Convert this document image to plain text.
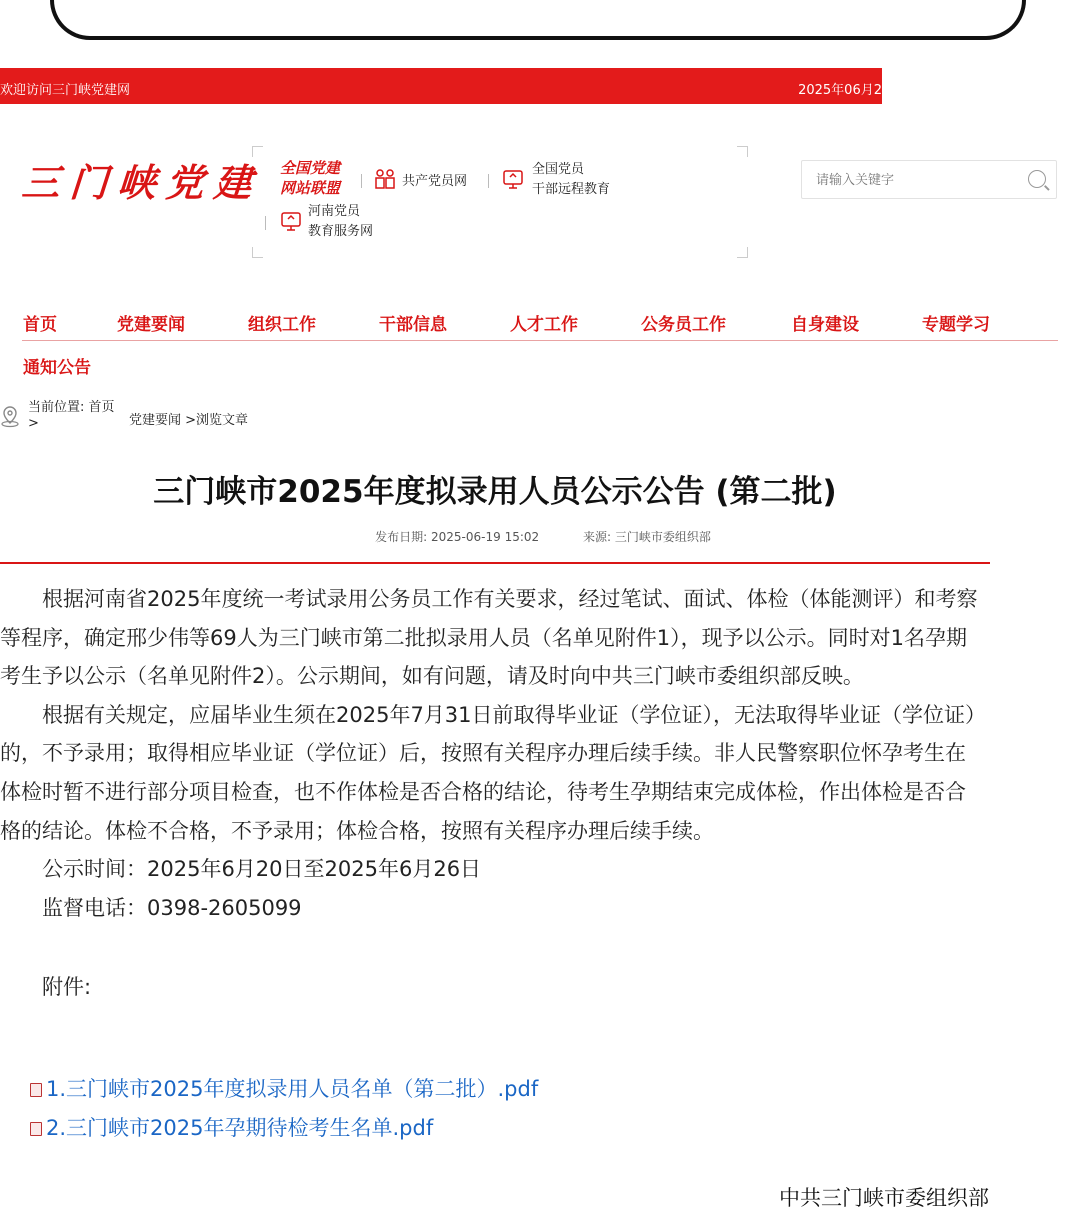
欢迎访问三门峡党建网	2025年06月2
三门峡党建 全国党建网站联盟	共产党员网
全国党员
干部远程教育
河南党员
教育服务网
请输入关键字
首页	党建要闻	组织工作	干部信息	人才工作	公务员工作	自身建设	专题学习
通知公告
当前位置: 首页>	党建要闻 >浏览文章
三门峡市2025年度拟录用人员公示公告 (第二批)
发布日期: 2025-06-19 15:02	来源: 三门峡市委组织部

根据河南省2025年度统一考试录用公务员工作有关要求，经过笔试、面试、体检（体能测评）和考察等程序，确定邢少伟等69人为三门峡市第二批拟录用人员（名单见附件1），现予以公示。同时对1名孕期考生予以公示（名单见附件2）。公示期间，如有问题，请及时向中共三门峡市委组织部反映。

根据有关规定，应届毕业生须在2025年7月31日前取得毕业证（学位证），无法取得毕业证（学位证）的，不予录用；取得相应毕业证（学位证）后，按照有关程序办理后续手续。非人民警察职位怀孕考生在体检时暂不进行部分项目检查，也不作体检是否合格的结论，待考生孕期结束完成体检，作出体检是否合格的结论。体检不合格，不予录用；体检合格，按照有关程序办理后续手续。

公示时间：2025年6月20日至2025年6月26日

监督电话：0398-2605099

附件:

1.三门峡市2025年度拟录用人员名单（第二批）.pdf
2.三门峡市2025年孕期待检考生名单.pdf
中共三门峡市委组织部
